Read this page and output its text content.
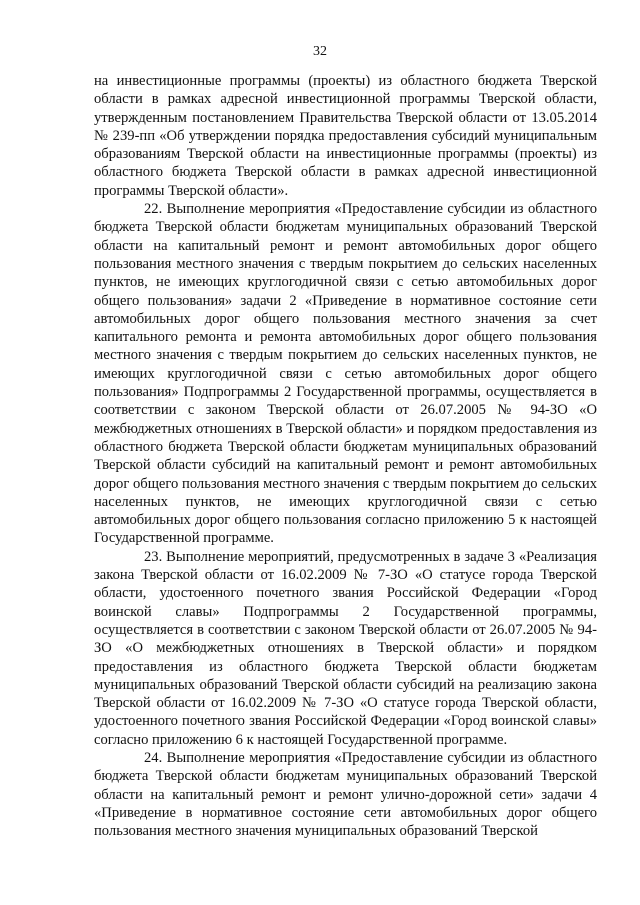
32

на инвестиционные программы (проекты) из областного бюджета Тверской области в рамках адресной инвестиционной программы Тверской области, утвержденным постановлением Правительства Тверской области от 13.05.2014 № 239-пп «Об утверждении порядка предоставления субсидий муниципальным образованиям Тверской области на инвестиционные программы (проекты) из областного бюджета Тверской области в рамках адресной инвестиционной программы Тверской области».

22. Выполнение мероприятия «Предоставление субсидии из областного бюджета Тверской области бюджетам муниципальных образований Тверской области на капитальный ремонт и ремонт автомобильных дорог общего пользования местного значения с твердым покрытием до сельских населенных пунктов, не имеющих круглогодичной связи с сетью автомобильных дорог общего пользования» задачи 2 «Приведение в нормативное состояние сети автомобильных дорог общего пользования местного значения за счет капитального ремонта и ремонта автомобильных дорог общего пользования местного значения с твердым покрытием до сельских населенных пунктов, не имеющих круглогодичной связи с сетью автомобильных дорог общего пользования» Подпрограммы 2 Государственной программы, осуществляется в соответствии с законом Тверской области от 26.07.2005 № 94-ЗО «О межбюджетных отношениях в Тверской области» и порядком предоставления из областного бюджета Тверской области бюджетам муниципальных образований Тверской области субсидий на капитальный ремонт и ремонт автомобильных дорог общего пользования местного значения с твердым покрытием до сельских населенных пунктов, не имеющих круглогодичной связи с сетью автомобильных дорог общего пользования согласно приложению 5 к настоящей Государственной программе.

23. Выполнение мероприятий, предусмотренных в задаче 3 «Реализация закона Тверской области от 16.02.2009 № 7-ЗО «О статусе города Тверской области, удостоенного почетного звания Российской Федерации «Город воинской славы» Подпрограммы 2 Государственной программы, осуществляется в соответствии с законом Тверской области от 26.07.2005 № 94-ЗО «О межбюджетных отношениях в Тверской области» и порядком предоставления из областного бюджета Тверской области бюджетам муниципальных образований Тверской области субсидий на реализацию закона Тверской области от 16.02.2009 № 7-ЗО «О статусе города Тверской области, удостоенного почетного звания Российской Федерации «Город воинской славы» согласно приложению 6 к настоящей Государственной программе.

24. Выполнение мероприятия «Предоставление субсидии из областного бюджета Тверской области бюджетам муниципальных образований Тверской области на капитальный ремонт и ремонт улично-дорожной сети» задачи 4 «Приведение в нормативное состояние сети автомобильных дорог общего пользования местного значения муниципальных образований Тверской
